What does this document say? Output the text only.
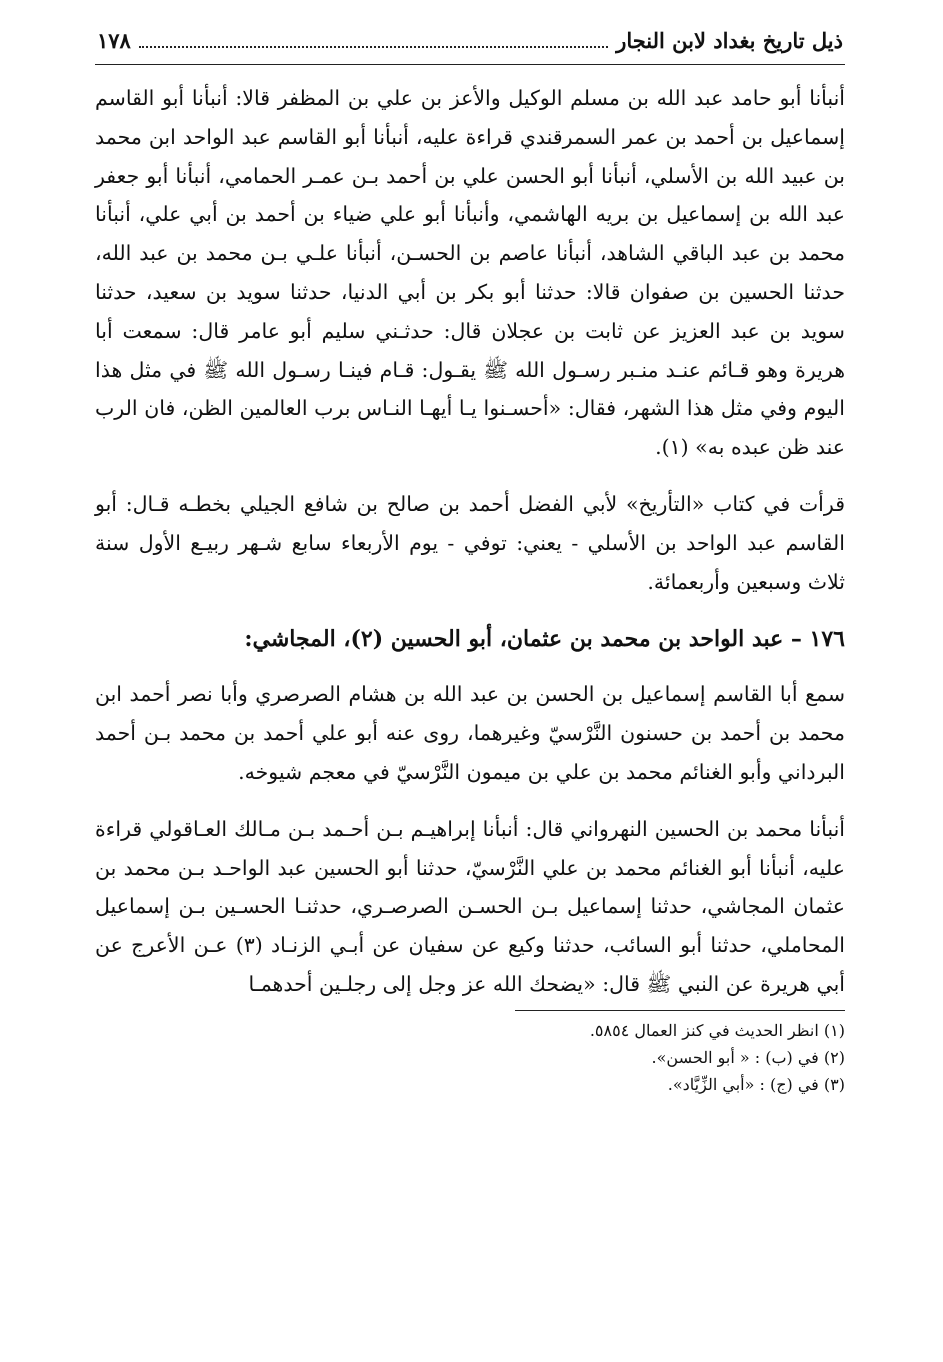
ذيل تاريخ بغداد لابن النجار
١٧٨

أنبأنا أبو حامد عبد الله بن مسلم الوكيل والأعز بن علي بن المظفر قالا: أنبأنا أبو القاسم إسماعيل بن أحمد بن عمر السمرقندي قراءة عليه، أنبأنا أبو القاسم عبد الواحد ابن محمد بن عبيد الله بن الأسلي، أنبأنا أبو الحسن علي بن أحمد بـن عمـر الحمامي، أنبأنا أبو جعفر عبد الله بن إسماعيل بن بريه الهاشمي، وأنبأنا أبو علي ضياء بن أحمد بن أبي علي، أنبأنا محمد بن عبد الباقي الشاهد، أنبأنا عاصم بن الحسـن، أنبأنا علـي بـن محمد بن عبد الله، حدثنا الحسين بن صفوان قالا: حدثنا أبو بكر بن أبي الدنيا، حدثنا سويد بن سعيد، حدثنا سويد بن عبد العزيز عن ثابت بن عجلان قال: حدثـني سليم أبو عامر قال: سمعت أبا هريرة وهو قـائم عنـد منـبر رسـول الله ﷺ يقـول: قـام فينـا رسـول الله ﷺ في مثل هذا اليوم وفي مثل هذا الشهر، فقال: «أحسـنوا يـا أيهـا النـاس برب العالمين الظن، فان الرب عند ظن عبده به» (١).

قرأت في كتاب «التأريخ» لأبي الفضل أحمد بن صالح بن شافع الجيلي بخطـه قـال: أبو القاسم عبد الواحد بن الأسلي - يعني: توفي - يوم الأربعاء سابع شـهر ربيـع الأول سنة ثلاث وسبعين وأربعمائة.

١٧٦ – عبد الواحد بن محمد بن عثمان، أبو الحسين (٢)، المجاشي:

سمع أبا القاسم إسماعيل بن الحسن بن عبد الله بن هشام الصرصري وأبا نصر أحمد ابن محمد بن أحمد بن حسنون النَّرْسيّ وغيرهما، روى عنه أبو علي أحمد بن محمد بـن أحمد البرداني وأبو الغنائم محمد بن علي بن ميمون النَّرْسيّ في معجم شيوخه.

أنبأنا محمد بن الحسين النهرواني قال: أنبأنا إبراهيـم بـن أحـمد بـن مـالك العـاقولي قراءة عليه، أنبأنا أبو الغنائم محمد بن علي النَّرْسيّ، حدثنا أبو الحسين عبد الواحـد بـن محمد بن عثمان المجاشي، حدثنا إسماعيل بـن الحسـن الصرصـري، حدثنـا الحسـين بـن إسماعيل المحاملي، حدثنا أبو السائب، حدثنا وكيع عن سفيان عن أبـي الزنـاد (٣) عـن الأعرج عن أبي هريرة عن النبي ﷺ قال: «يضحك الله عز وجل إلى رجلـين أحدهمـا

(١) انظر الحديث في كنز العمال ٥٨٥٤.
(٢) في (ب) : « أبو الحسن».
(٣) في (ج) : «أبي الزِّيَّاد».
